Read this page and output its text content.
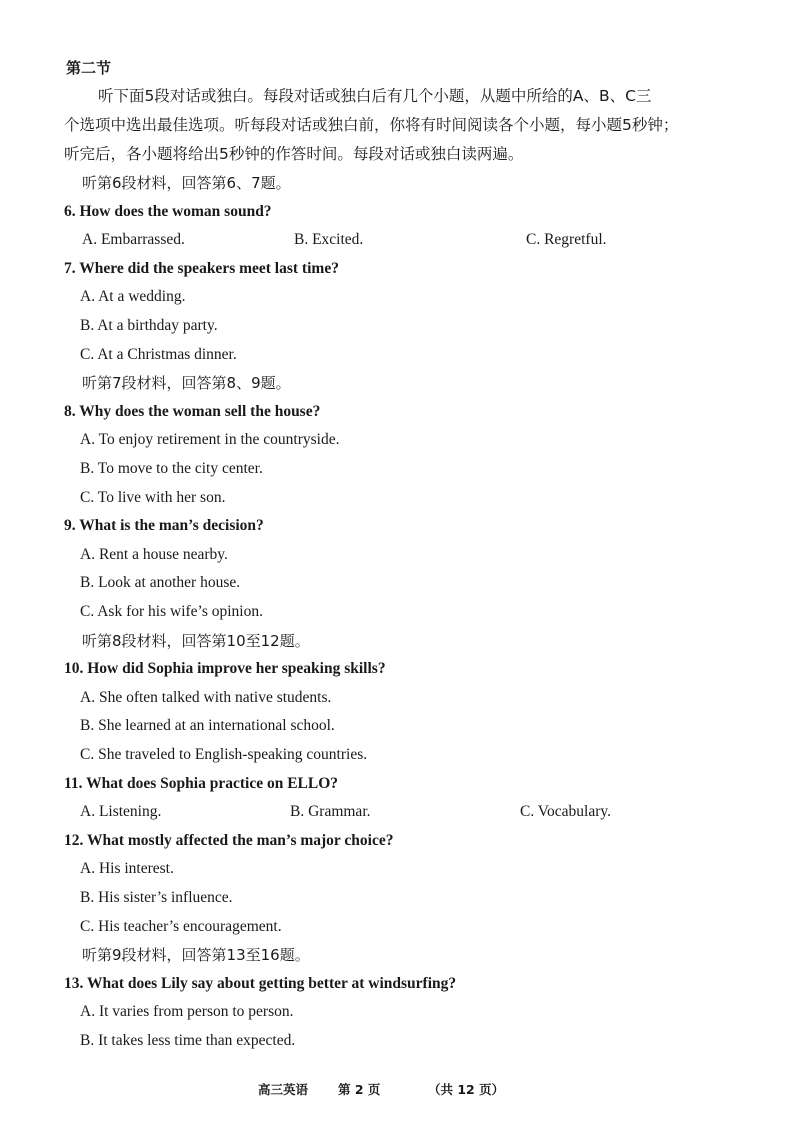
第二节
听下面5段对话或独白。每段对话或独白后有几个小题，从题中所给的A、B、C三
个选项中选出最佳选项。听每段对话或独白前，你将有时间阅读各个小题，每小题5秒钟；
听完后，各小题将给出5秒钟的作答时间。每段对话或独白读两遍。
听第6段材料，回答第6、7题。
6. How does the woman sound?
A. Embarrassed.	B. Excited.	C. Regretful.
7. Where did the speakers meet last time?
A. At a wedding.
B. At a birthday party.
C. At a Christmas dinner.
听第7段材料，回答第8、9题。
8. Why does the woman sell the house?
A. To enjoy retirement in the countryside.
B. To move to the city center.
C. To live with her son.
9. What is the man’s decision?
A. Rent a house nearby.
B. Look at another house.
C. Ask for his wife’s opinion.
听第8段材料，回答第10至12题。
10. How did Sophia improve her speaking skills?
A. She often talked with native students.
B. She learned at an international school.
C. She traveled to English-speaking countries.
11. What does Sophia practice on ELLO?
A. Listening.	B. Grammar.	C. Vocabulary.
12. What mostly affected the man’s major choice?
A. His interest.
B. His sister’s influence.
C. His teacher’s encouragement.
听第9段材料，回答第13至16题。
13. What does Lily say about getting better at windsurfing?
A. It varies from person to person.
B. It takes less time than expected.
高三英语 第 2 页	（共 12 页）
